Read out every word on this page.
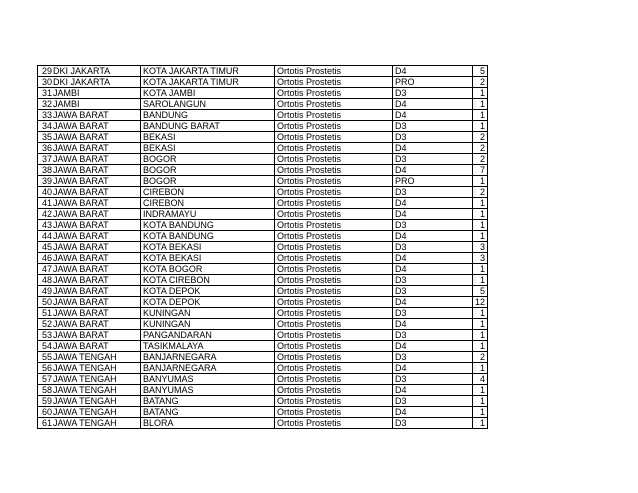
29	DKI JAKARTA	KOTA JAKARTA TIMUR	Ortotis Prostetis	D4	5
30	DKI JAKARTA	KOTA JAKARTA TIMUR	Ortotis Prostetis	PRO	2
31	JAMBI	KOTA JAMBI	Ortotis Prostetis	D3	1
32	JAMBI	SAROLANGUN	Ortotis Prostetis	D4	1
33	JAWA BARAT	BANDUNG	Ortotis Prostetis	D4	1
34	JAWA BARAT	BANDUNG BARAT	Ortotis Prostetis	D3	1
35	JAWA BARAT	BEKASI	Ortotis Prostetis	D3	2
36	JAWA BARAT	BEKASI	Ortotis Prostetis	D4	2
37	JAWA BARAT	BOGOR	Ortotis Prostetis	D3	2
38	JAWA BARAT	BOGOR	Ortotis Prostetis	D4	7
39	JAWA BARAT	BOGOR	Ortotis Prostetis	PRO	1
40	JAWA BARAT	CIREBON	Ortotis Prostetis	D3	2
41	JAWA BARAT	CIREBON	Ortotis Prostetis	D4	1
42	JAWA BARAT	INDRAMAYU	Ortotis Prostetis	D4	1
43	JAWA BARAT	KOTA BANDUNG	Ortotis Prostetis	D3	1
44	JAWA BARAT	KOTA BANDUNG	Ortotis Prostetis	D4	1
45	JAWA BARAT	KOTA BEKASI	Ortotis Prostetis	D3	3
46	JAWA BARAT	KOTA BEKASI	Ortotis Prostetis	D4	3
47	JAWA BARAT	KOTA BOGOR	Ortotis Prostetis	D4	1
48	JAWA BARAT	KOTA CIREBON	Ortotis Prostetis	D3	1
49	JAWA BARAT	KOTA DEPOK	Ortotis Prostetis	D3	5
50	JAWA BARAT	KOTA DEPOK	Ortotis Prostetis	D4	12
51	JAWA BARAT	KUNINGAN	Ortotis Prostetis	D3	1
52	JAWA BARAT	KUNINGAN	Ortotis Prostetis	D4	1
53	JAWA BARAT	PANGANDARAN	Ortotis Prostetis	D3	1
54	JAWA BARAT	TASIKMALAYA	Ortotis Prostetis	D4	1
55	JAWA TENGAH	BANJARNEGARA	Ortotis Prostetis	D3	2
56	JAWA TENGAH	BANJARNEGARA	Ortotis Prostetis	D4	1
57	JAWA TENGAH	BANYUMAS	Ortotis Prostetis	D3	4
58	JAWA TENGAH	BANYUMAS	Ortotis Prostetis	D4	1
59	JAWA TENGAH	BATANG	Ortotis Prostetis	D3	1
60	JAWA TENGAH	BATANG	Ortotis Prostetis	D4	1
61	JAWA TENGAH	BLORA	Ortotis Prostetis	D3	1
